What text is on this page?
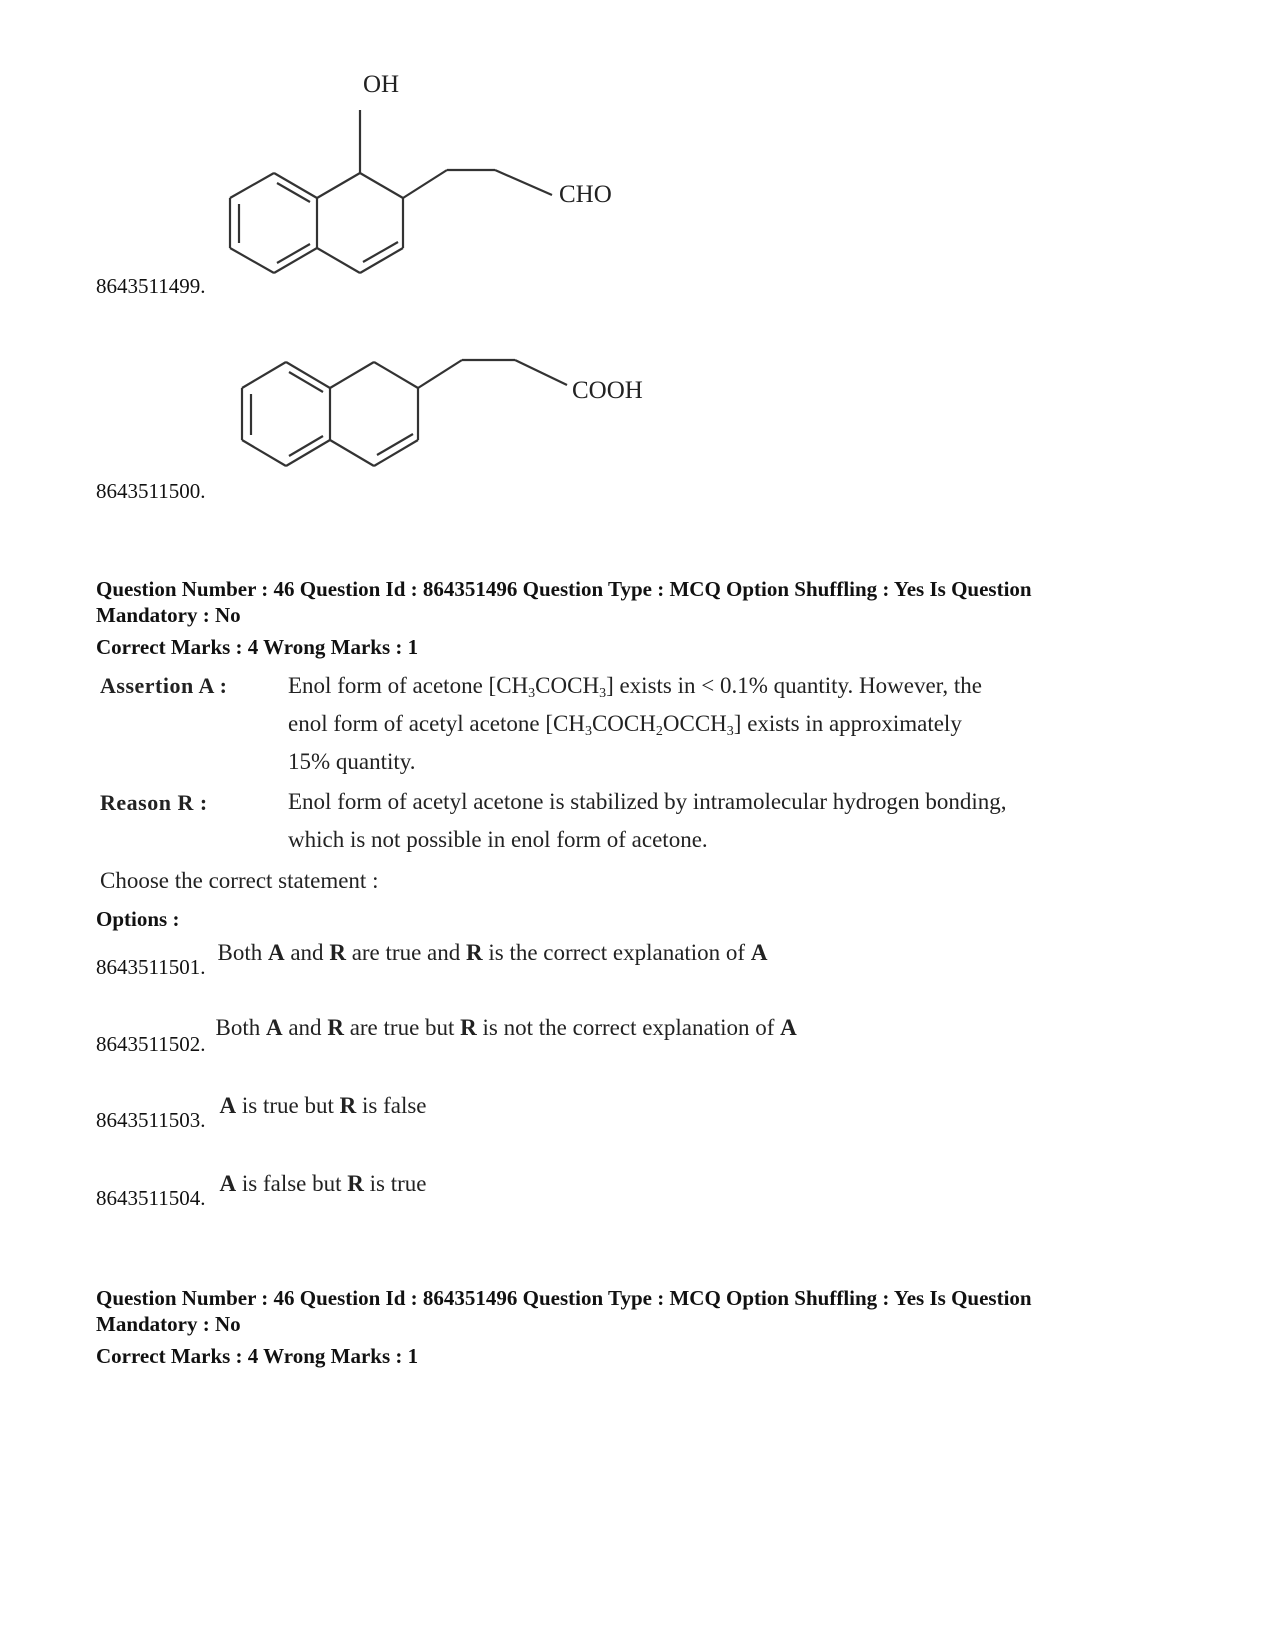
8643511499.
OH
CHO
8643511500.
COOH
Question Number : 46 Question Id : 864351496 Question Type : MCQ Option Shuffling : Yes Is Question
Mandatory : No
Correct Marks : 4 Wrong Marks : 1
Assertion A :	Enol form of acetone $[CH_3COCH_3]$ exists in < 0.1% quantity. However, the
enol form of acetyl acetone $[CH_3COCH_2OCCH_3]$ exists in approximately
15% quantity.
Reason R :	Enol form of acetyl acetone is stabilized by intramolecular hydrogen bonding,
which is not possible in enol form of acetone.
Choose the correct statement :
Options :
8643511501. Both A and R are true and R is the correct explanation of A
8643511502. Both A and R are true but R is not the correct explanation of A
8643511503. A is true but R is false
8643511504. A is false but R is true
Question Number : 46 Question Id : 864351496 Question Type : MCQ Option Shuffling : Yes Is Question
Mandatory : No
Correct Marks : 4 Wrong Marks : 1
